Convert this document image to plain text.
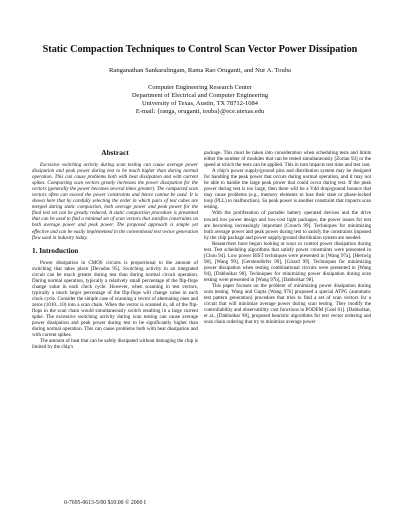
Static Compaction Techniques to Control Scan Vector Power Dissipation
Ranganathan Sankaralingam, Rama Rao Oruganti, and Nur A. Touba
Computer Engineering Research Center
Department of Electrical and Computer Engineering
University of Texas, Austin, TX 78712-1084
E-mail: {ranga, oruganti, touba}@ece.utexas.edu
Abstract

Excessive switching activity during scan testing can cause average power dissipation and peak power during test to be much higher than during normal operation. This can cause problems both with heat dissipation and with current spikes. Compacting scan vectors greatly increases the power dissipation for the vectors (generally the power becomes several times greater). The compacted scan vectors often can exceed the power constraints and hence cannot be used. It is shown here that by carefully selecting the order in which pairs of test cubes are merged during static compaction, both average power and peak power for the final test set can be greatly reduced. A static compaction procedure is presented that can be used to find a minimal set of scan vectors that satisfies constraints on both average power and peak power. The proposed approach is simple yet effective and can be easily implemented in the conventional test vector generation flow used in industry today.

1. Introduction

Power dissipation in CMOS circuits is proportional to the amount of switching that takes place [Devadas 95]. Switching activity in an integrated circuit can be much greater during test than during normal circuit operation. During normal operation, typically a relatively small percentage of the flip-flops change value in each clock cycle. However, when scanning in test vectors, typically a much larger percentage of the flip-flops will change value in each clock cycle. Consider the simple case of scanning a vector of alternating ones and zeros (1010...10) into a scan chain. When the vector is scanned in, all of the flip-flops in the scan chain would simultaneously switch resulting in a large current spike. The excessive switching activity during scan testing can cause average power dissipation and peak power during test to be significantly higher than during normal operation. This can cause problems both with heat dissipation and with current spikes.

The amount of heat that can be safely dissipated without damaging the chip is limited by the chip’s

package. This must be taken into consideration when scheduling tests and limits either the number of modules that can be tested simultaneously [Zorian 93] or the speed at which the tests can be applied. This in turn impacts test time and test cost.

A chip’s power supply/ground pins and distribution system may be designed for handling the peak power that occurs during normal operation, and it may not be able to handle the large peak power that could occur during test. If the peak power during test is too large, then there will be a Vdd drop/ground bounce that may cause problems (e.g., memory elements to lose their state or phase-locked loop (PLL) to malfunction). So peak power is another constraint that impacts scan testing.

With the proliferation of portable battery operated devices and the drive toward low power design and low-cost light packages, the power issues for test are becoming increasingly important [Crouch 99]. Techniques for minimizing both average power and peak power during test to satisfy the constraints imposed by the chip package and power supply/ground distribution system are needed.

Researchers have begun looking at ways to control power dissipation during test. Test scheduling algorithms that satisfy power constraints were presented in [Chou 94]. Low power BIST techniques were presented in [Wang 97a], [Hertwig 98], [Wang 99], [Gerstendörfer 99], [Girard 99]. Techniques for minimizing power dissipation when testing combinational circuits were presented in [Wang 94], [Dabholkar 98]. Techniques for minimizing power dissipation during scan testing were presented in [Wang 97b], [Dabholkar 98].

This paper focuses on the problem of minimizing power dissipation during scan testing. Wang and Gupta [Wang 97b] proposed a special ATPG (automatic test pattern generation) procedure that tries to find a set of scan vectors for a circuit that will minimize average power during scan testing. They modify the controllability and observability cost functions in PODEM [Goel 81]. [Dabholkar, et al., [Dabholkar 98], proposed heuristic algorithms for test vector ordering and scan chain ordering that try to minimize average power

0-7695-0613-5/00 $10.00 © 2000 I
